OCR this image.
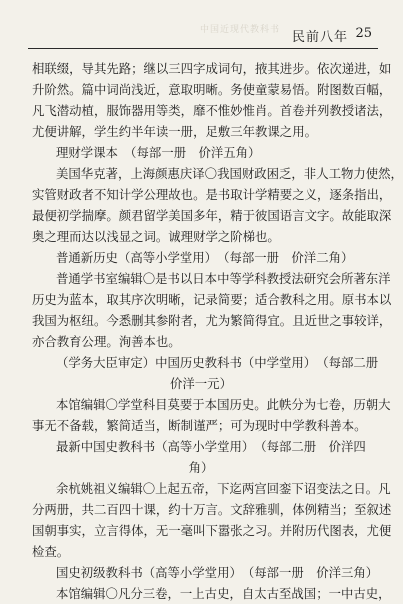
中国近现代教科书 民前八年 25
相联缀，导其先路；继以三四字成词句，掖其进步。依次递进，如
升阶然。篇中词尚浅近，意取明晰。务使童蒙易悟。附图数百幅，
凡飞潜动植，服饰器用等类，靡不惟妙惟肖。首卷并列教授诸法，
尤便讲解，学生约半年读一册，足敷三年教课之用。
理财学课本　（每部一册　价洋五角）
美国华克著，上海颜惠庆译〇我国财政困乏，非人工物力使然，
实管财政者不知计学公理故也。是书取计学精要之义，逐条指出，
最便初学揣摩。颜君留学美国多年，精于彼国语言文字。故能取深
奥之理而达以浅显之词。诚理财学之阶梯也。
普通新历史（高等小学堂用）　（每部一册　价洋二角）
普通学书室编辑〇是书以日本中等学科教授法研究会所著东洋
历史为蓝本，取其序次明晰，记录简要；适合教科之用。原书本以
我国为枢纽。今悉删其参附者，尤为繁简得宜。且近世之事较详，
亦合教育公理。洵善本也。
（学务大臣审定）中国历史教科书（中学堂用）　（每部二册
价洋一元）
本馆编辑〇学堂科目莫要于本国历史。此帙分为七卷，历朝大
事无不备载，繁简适当，断制谨严；可为现时中学教科善本。
最新中国史教科书（高等小学堂用）　（每部二册　价洋四
角）
余杭姚祖义编辑〇上起五帝，下迄两宫回銮下诏变法之日。凡
分两册，共二百四十课，约十万言。文辞雅驯，体例精当；至叙述
国朝事实，立言得体，无一毫叫下嚣张之习。并附历代图表，尤便
检查。
国史初级教科书（高等小学堂用）　（每部一册　价洋三角）
本馆编辑〇凡分三卷，一上古史，自太古至战国；一中古史，
